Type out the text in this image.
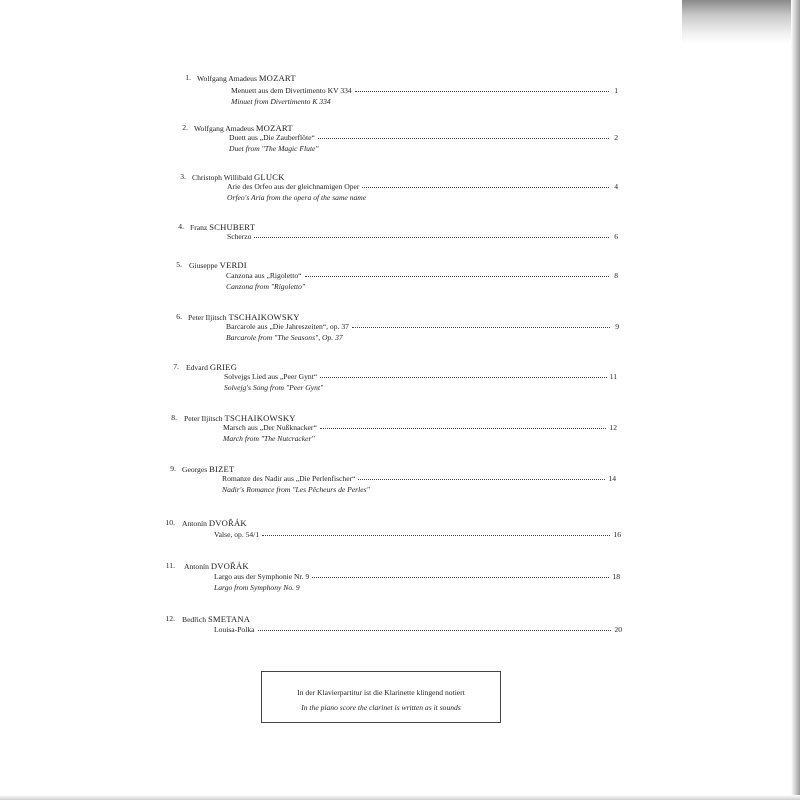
1. Wolfgang Amadeus MOZART
Menuett aus dem Divertimento KV 334	1
Minuet from Divertimento K 334
2. Wolfgang Amadeus MOZART
Duett aus „Die Zauberflöte“	2
Duet from "The Magic Flute"
3. Christoph Willibald GLUCK
Arie des Orfeo aus der gleichnamigen Oper	4
Orfeo's Aria from the opera of the same name
4. Franz SCHUBERT
Scherzo	6
5. Giuseppe VERDI
Canzona aus „Rigoletto“	8
Canzona from "Rigoletto"
6. Peter Iljitsch TSCHAIKOWSKY
Barcarole aus „Die Jahreszeiten“, op. 37	9
Barcarole from "The Seasons", Op. 37
7. Edvard GRIEG
Solvejgs Lied aus „Peer Gynt“	11
Solvejg's Song from "Peer Gynt"
8. Peter Iljitsch TSCHAIKOWSKY
Marsch aus „Der Nußknacker“	12
March from "The Nutcracker"
9. Georges BIZET
Romanze des Nadir aus „Die Perlenfischer“	14
Nadir's Romance from "Les Pêcheurs de Perles"
10. Antonín DVOŘÁK
Valse, op. 54/1	16
11. Antonín DVOŘÁK
Largo aus der Symphonie Nr. 9	18
Largo from Symphony No. 9
12. Bedřich SMETANA
Louisa-Polka	20
In der Klavierpartitur ist die Klarinette klingend notiert
In the piano score the clarinet is written as it sounds
